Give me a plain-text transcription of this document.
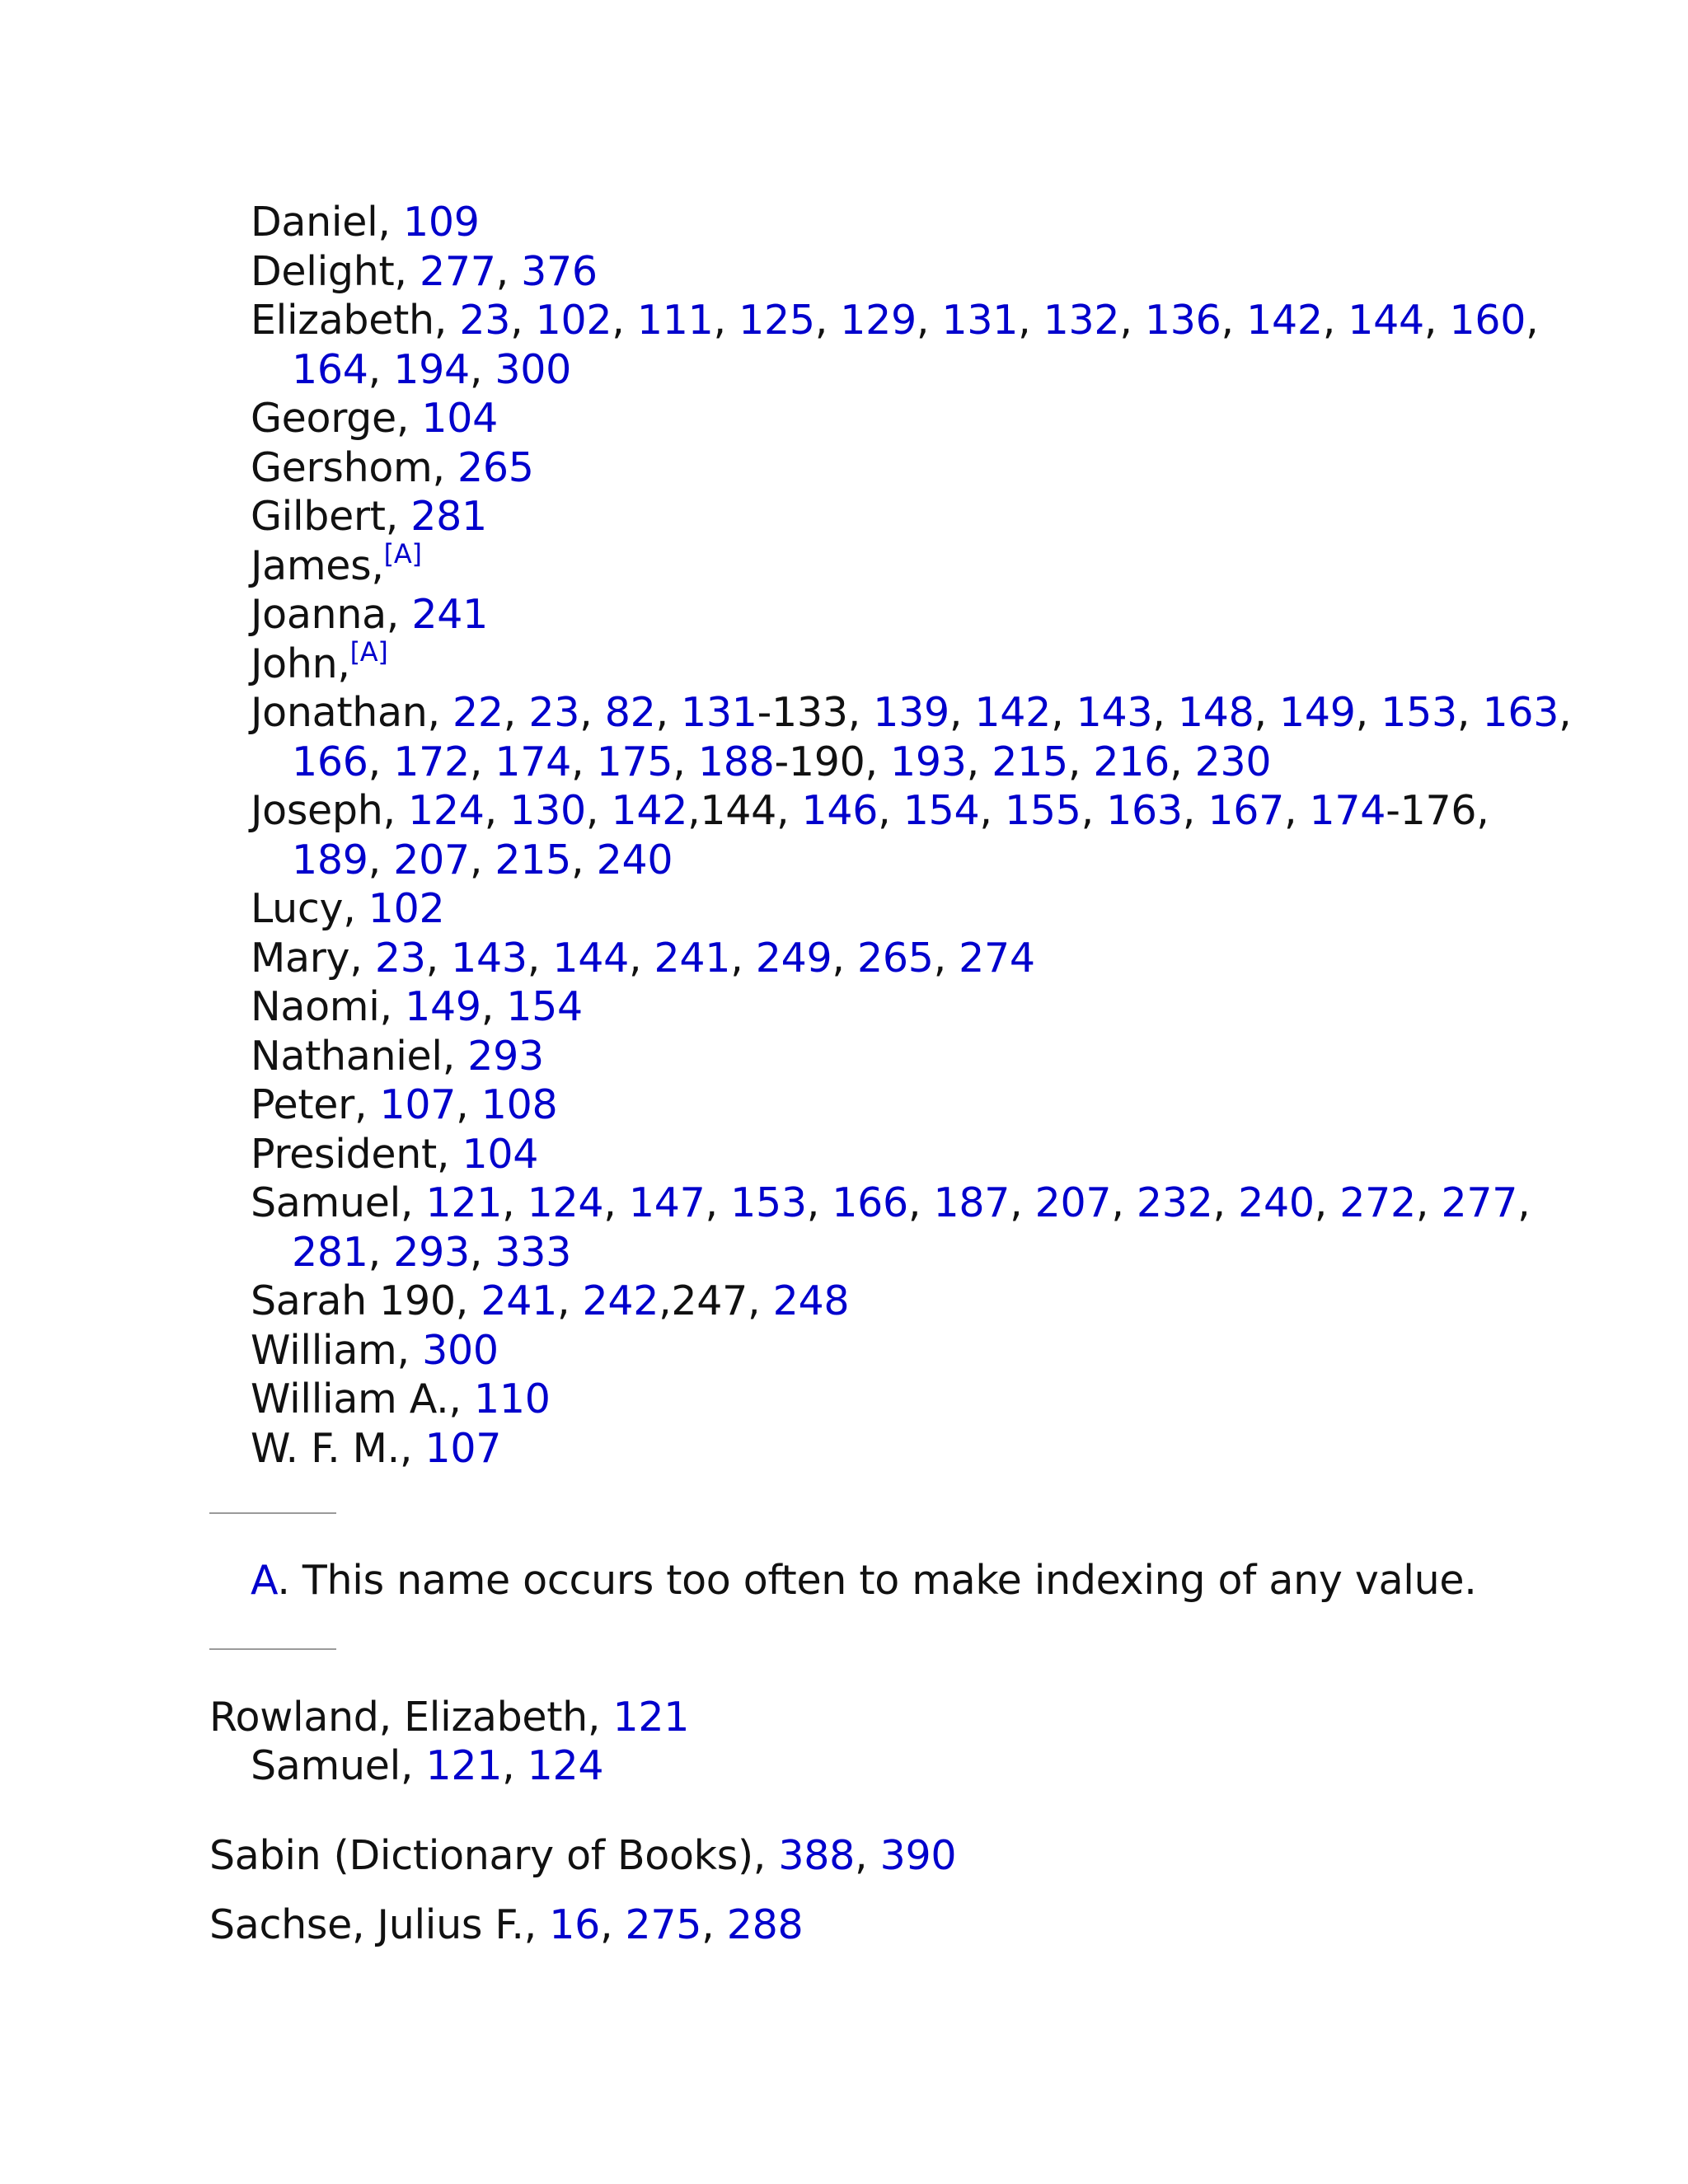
Daniel, 109
Delight, 277, 376
Elizabeth, 23, 102, 111, 125, 129, 131, 132, 136, 142, 144, 160,
164, 194, 300
George, 104
Gershom, 265
Gilbert, 281
James,[A]
Joanna, 241
John,[A]
Jonathan, 22, 23, 82, 131-133, 139, 142, 143, 148, 149, 153, 163,
166, 172, 174, 175, 188-190, 193, 215, 216, 230
Joseph, 124, 130, 142,144, 146, 154, 155, 163, 167, 174-176,
189, 207, 215, 240
Lucy, 102
Mary, 23, 143, 144, 241, 249, 265, 274
Naomi, 149, 154
Nathaniel, 293
Peter, 107, 108
President, 104
Samuel, 121, 124, 147, 153, 166, 187, 207, 232, 240, 272, 277,
281, 293, 333
Sarah 190, 241, 242,247, 248
William, 300
William A., 110
W. F. M., 107
A. This name occurs too often to make indexing of any value.
Rowland, Elizabeth, 121
Samuel, 121, 124
Sabin (Dictionary of Books), 388, 390
Sachse, Julius F., 16, 275, 288
